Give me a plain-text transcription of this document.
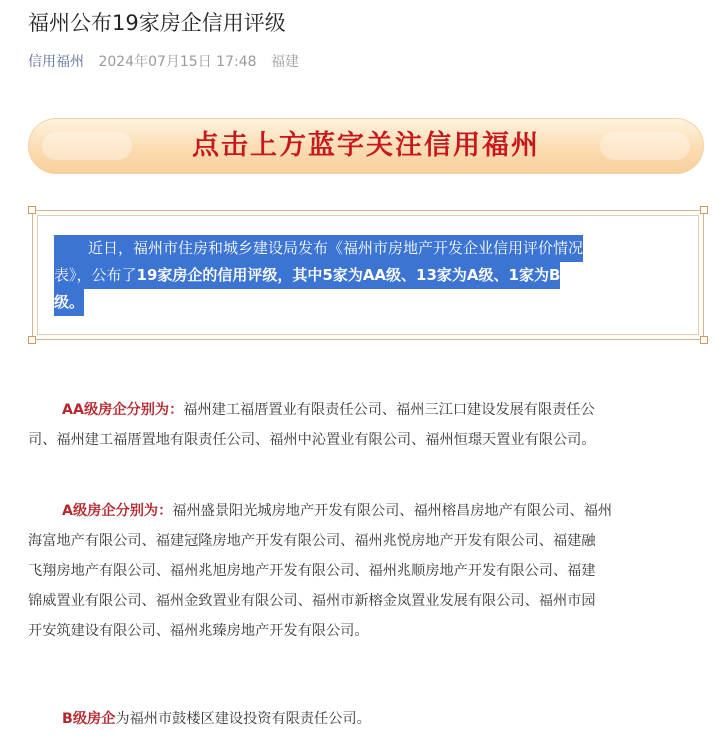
福州公布19家房企信用评级
信用福州 2024年07月15日 17:48 福建
点击上方蓝字关注信用福州
近日，福州市住房和城乡建设局发布《福州市房地产开发企业信用评价情况
表》，公布了19家房企的信用评级，其中5家为AA级、13家为A级、1家为B
级。
AA级房企分别为：福州建工福厝置业有限责任公司、福州三江口建设发展有限责任公
司、福州建工福厝置地有限责任公司、福州中沁置业有限公司、福州恒璟天置业有限公司。
A级房企分别为：福州盛景阳光城房地产开发有限公司、福州榕昌房地产有限公司、福州
海富地产有限公司、福建冠隆房地产开发有限公司、福州兆悦房地产开发有限公司、福建融
飞翔房地产有限公司、福州兆旭房地产开发有限公司、福州兆顺房地产开发有限公司、福建
锦威置业有限公司、福州金致置业有限公司、福州市新榕金岚置业发展有限公司、福州市园
开安筑建设有限公司、福州兆臻房地产开发有限公司。
B级房企为福州市鼓楼区建设投资有限责任公司。
